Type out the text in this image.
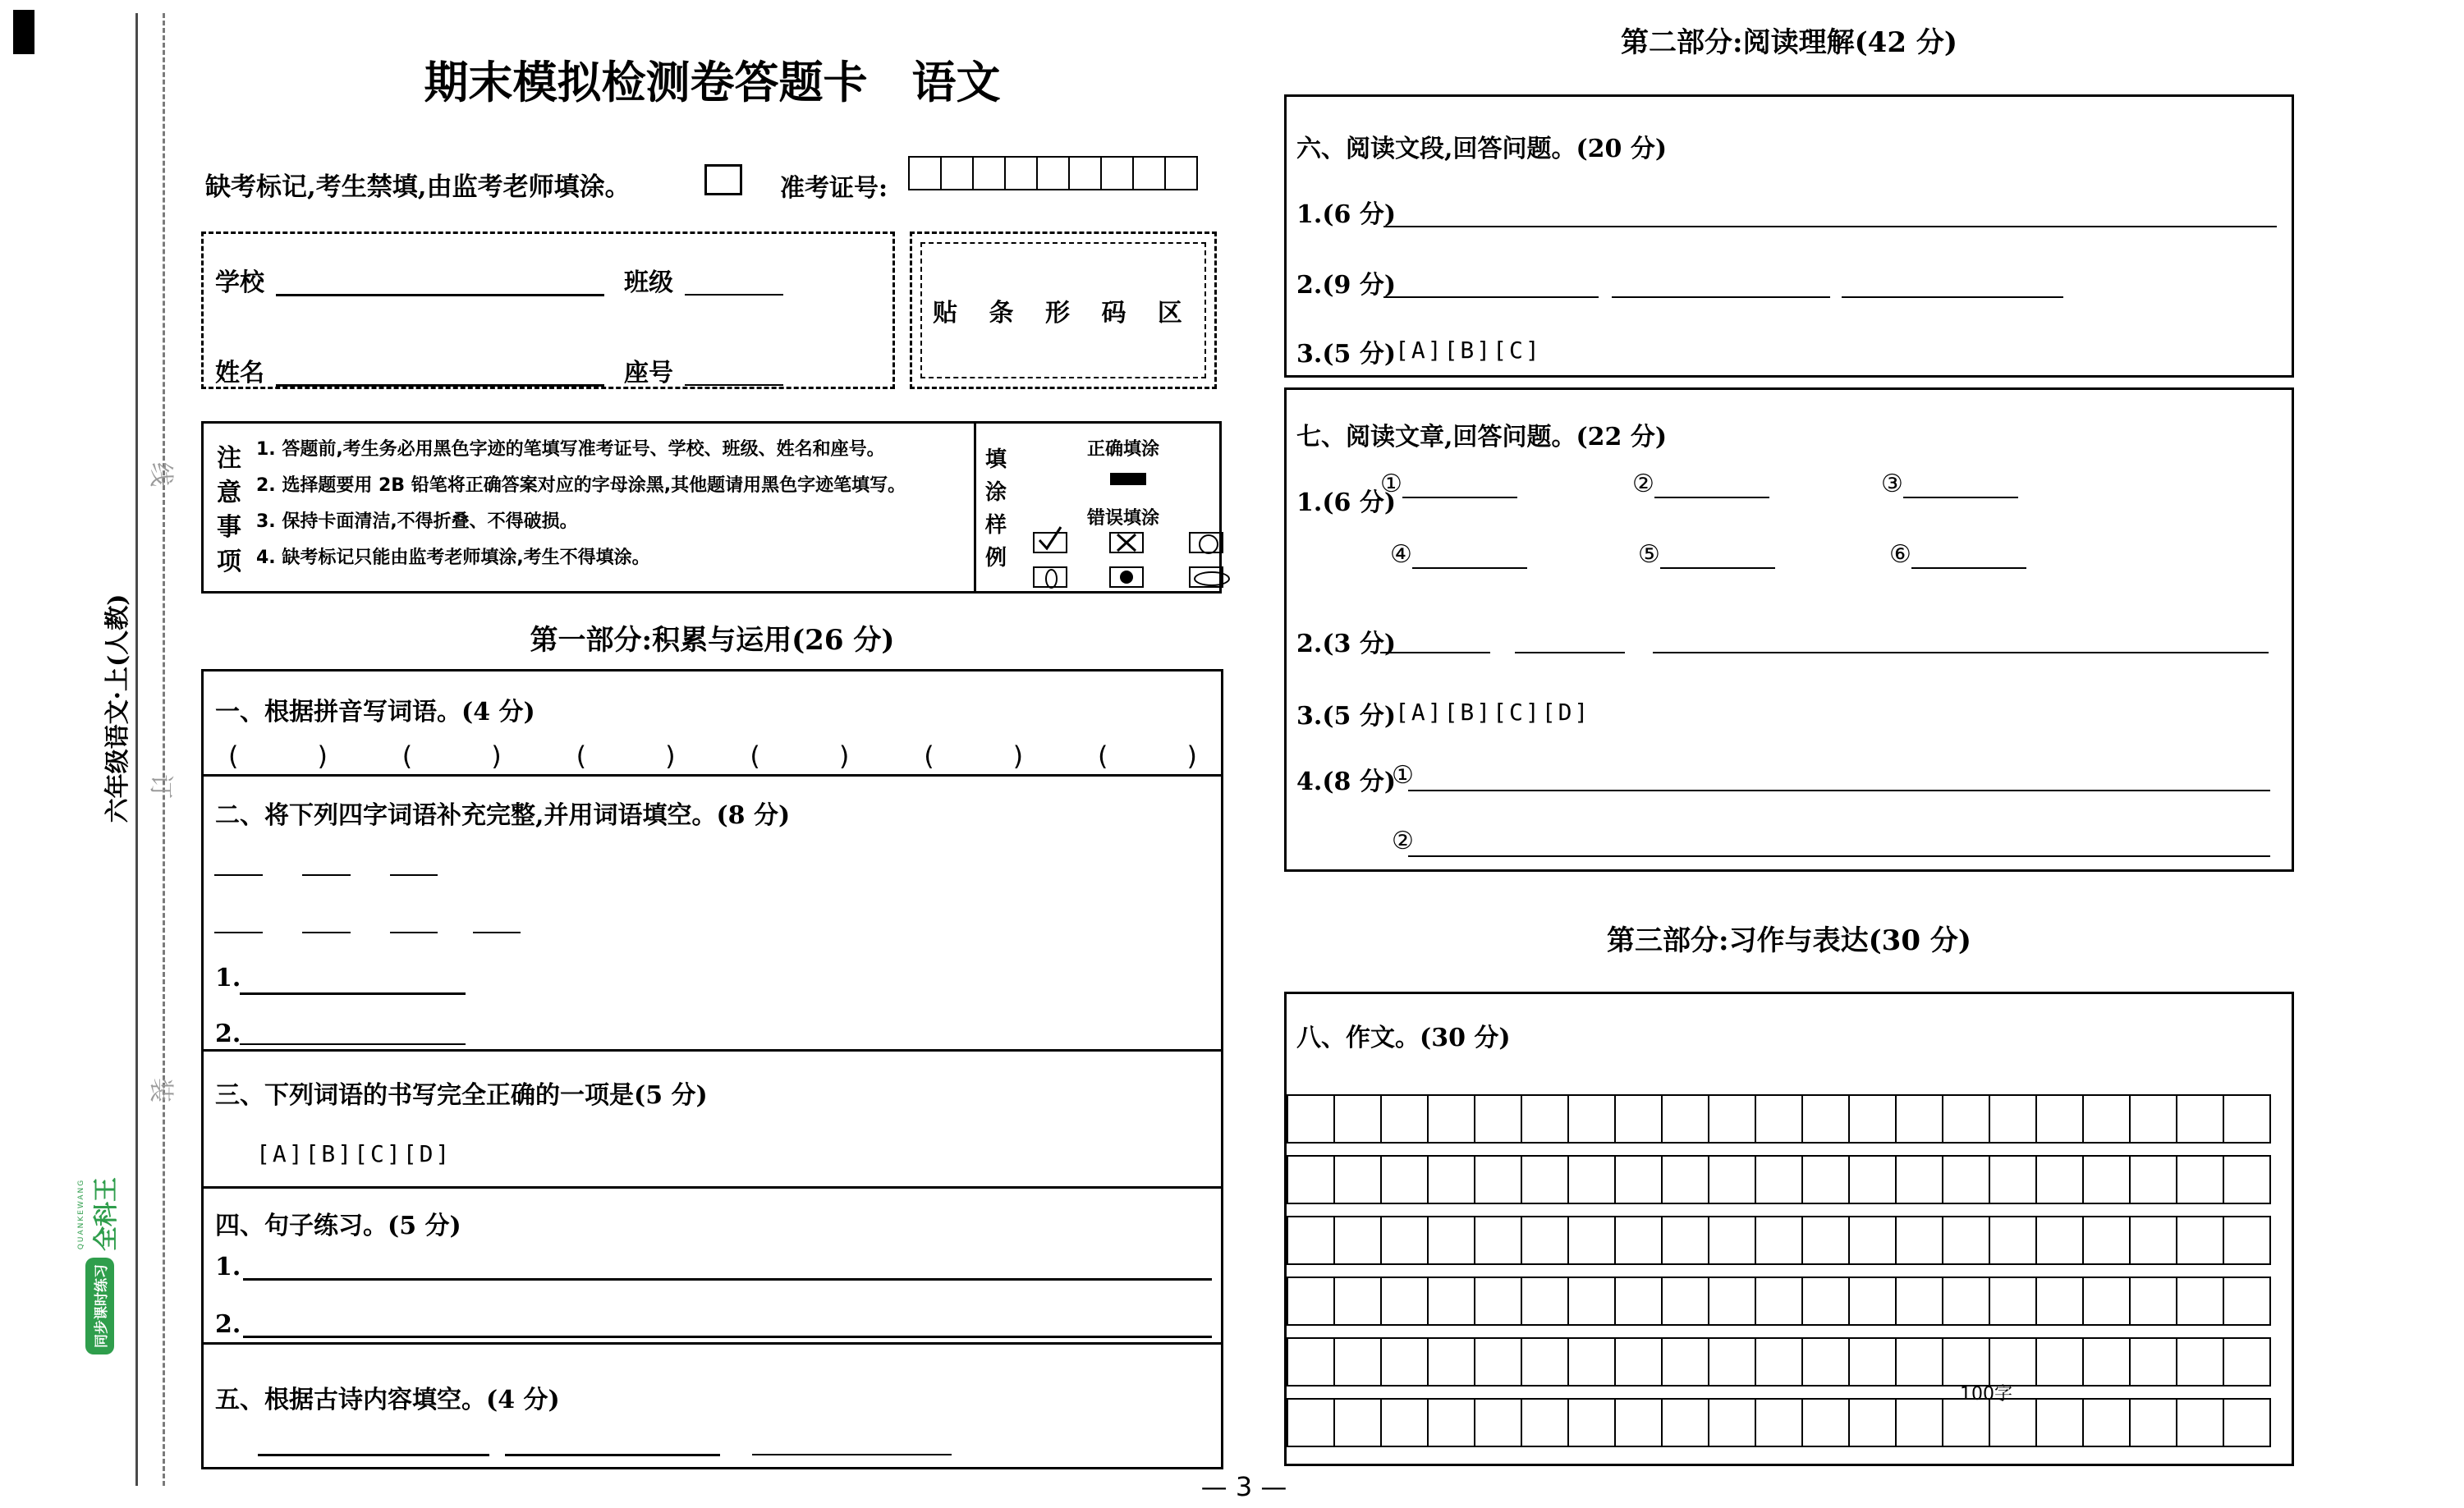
线
订
装
六年级语文·上(人教)
同步课时练习
QUANKEWANG 全科王
期末模拟检测卷答题卡　语文
缺考标记,考生禁填,由监考老师填涂。	准考证号:
学校	班级
姓名	座号
贴 条 形 码 区
注意事项
1. 答题前,考生务必用黑色字迹的笔填写准考证号、学校、班级、姓名和座号。
2. 选择题要用 2B 铅笔将正确答案对应的字母涂黑,其他题请用黑色字迹笔填写。
3. 保持卡面清洁,不得折叠、不得破损。
4. 缺考标记只能由监考老师填涂,考生不得填涂。
填涂样例
正确填涂
错误填涂
第一部分:积累与运用(26 分)
一、根据拼音写词语。(4 分)
(　　　)	(　　　)	(　　　)	(　　　)	(　　　)	(　　　)
二、将下列四字词语补充完整,并用词语填空。(8 分)
1.
2.
三、下列词语的书写完全正确的一项是(5 分)
[A][B][C][D]
四、句子练习。(5 分)
1.
2.
五、根据古诗内容填空。(4 分)
— 3 —
第二部分:阅读理解(42 分)
六、阅读文段,回答问题。(20 分)
1.(6 分)
2.(9 分)
3.(5 分)
[A][B][C]
七、阅读文章,回答问题。(22 分)
1.(6 分)
①	②	③
④	⑤	⑥
2.(3 分)
3.(5 分)
[A][B][C][D]
4.(8 分)
①
②
第三部分:习作与表达(30 分)
八、作文。(30 分)
100字
